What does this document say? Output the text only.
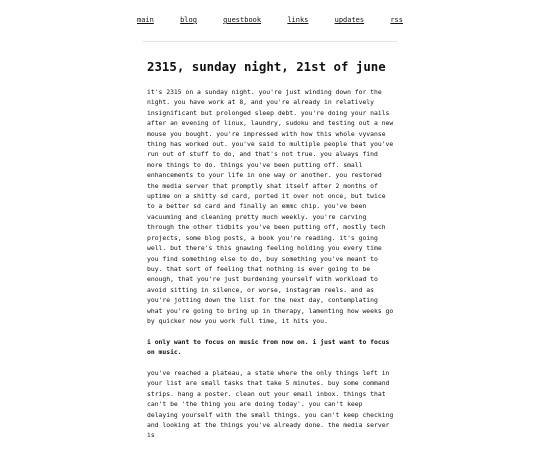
main	blog	guestbook	links	updates	rss
2315, sunday night, 21st of june

it's 2315 on a sunday night. you're just winding down for the night. you have work at 8, and you're already in relatively insignificant but prolonged sleep debt. you're doing your nails after an evening of linux, laundry, sudoku and testing out a new mouse you bought. you're impressed with how this whole vyvanse thing has worked out. you've said to multiple people that you've run out of stuff to do, and that's not true. you always find more things to do. things you've been putting off. small enhancements to your life in one way or another. you restored the media server that promptly shat itself after 2 months of uptime on a shitty sd card, ported it over not once, but twice to a better sd card and finally an emmc chip. you've been vacuuming and cleaning pretty much weekly. you're carving through the other tidbits you've been putting off, mostly tech projects, some blog posts, a book you're reading. it's going well. but there's this gnawing feeling holding you every time you find something else to do, buy something you've meant to buy. that sort of feeling that nothing is ever going to be enough, that you're just burdening yourself with workload to avoid sitting in silence, or worse, instagram reels. and as you're jotting down the list for the next day, contemplating what you're going to bring up in therapy, lamenting how weeks go by quicker now you work full time, it hits you.

i only want to focus on music from now on. i just want to focus on music.

you've reached a plateau, a state where the only things left in your list are small tasks that take 5 minutes. buy some command strips. hang a poster. clean out your email inbox. things that can't be 'the thing you are doing today'. you can't keep delaying yourself with the small things. you can't keep checking and looking at the things you've already done. the media server is
